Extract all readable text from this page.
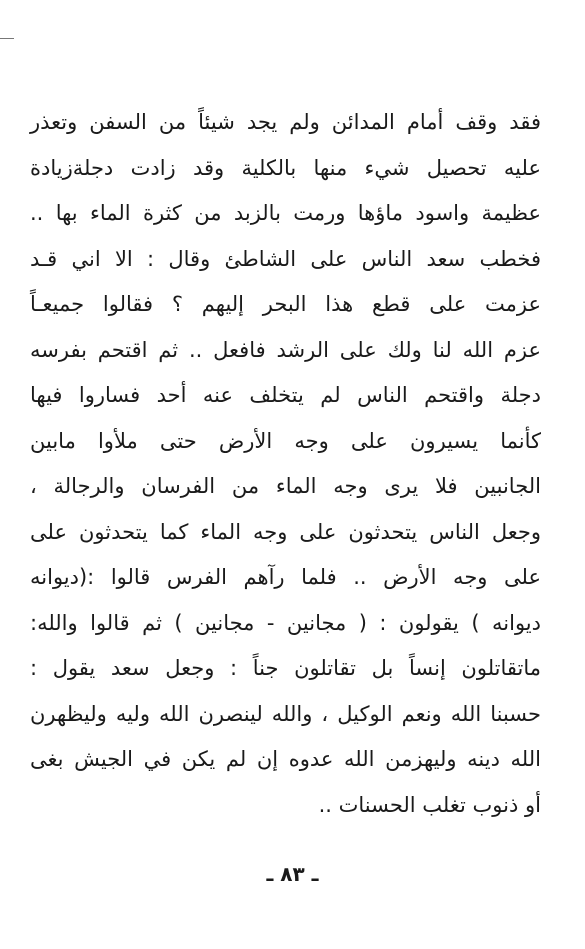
فقد وقف أمام المدائن ولم يجد شيئاً من السفن وتعذر
عليه تحصيل شيء منها بالكلية وقد زادت دجلةزيادة
عظيمة واسود ماؤها ورمت بالزبد من كثرة الماء بها ..
فخطب سعد الناس على الشاطئ وقال : الا اني قـد
عزمت على قطع هذا البحر إليهم ؟ فقالوا جميعـاً
عزم الله لنا ولك على الرشد فافعل .. ثم اقتحم بفرسه
دجلة واقتحم الناس لم يتخلف عنه أحد فساروا فيها
كأنما يسيرون على وجه الأرض حتى ملأوا مابين
الجانبين فلا يرى وجه الماء من الفرسان والرجالة ،
وجعل الناس يتحدثون على وجه الماء كما يتحدثون على
على وجه الأرض .. فلما رآهم الفرس قالوا :(ديوانه
ديوانه ) يقولون : ( مجانين - مجانين ) ثم قالوا والله:
ماتقاتلون إنساً بل تقاتلون جناً : وجعل سعد يقول :
حسبنا الله ونعم الوكيل ، والله لينصرن الله وليه وليظهرن
الله دينه وليهزمن الله عدوه إن لم يكن في الجيش بغى
أو ذنوب تغلب الحسنات ..
ـ ٨٣ ـ
